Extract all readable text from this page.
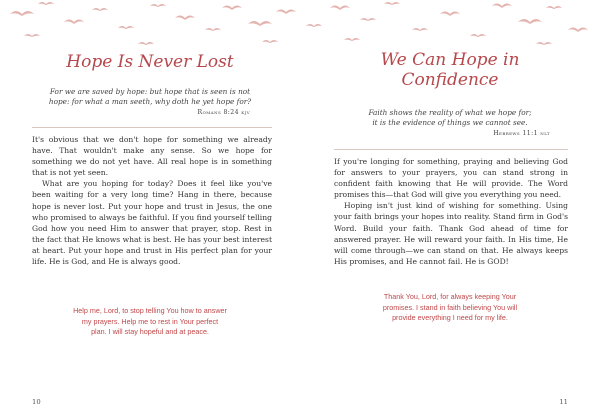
Hope Is Never Lost
For we are saved by hope: but hope that is seen is not
hope: for what a man seeth, why doth he yet hope for?
Romans 8:24 kjv

It's obvious that we don't hope for something we already have. That wouldn't make any sense. So we hope for something we do not yet have. All real hope is in something that is not yet seen.

What are you hoping for today? Does it feel like you've been waiting for a very long time? Hang in there, because hope is never lost. Put your hope and trust in Jesus, the one who promised to always be faithful. If you find yourself telling God how you need Him to answer that prayer, stop. Rest in the fact that He knows what is best. He has your best interest at heart. Put your hope and trust in His perfect plan for your life. He is God, and He is always good.

Help me, Lord, to stop telling You how to answer
my prayers. Help me to rest in Your perfect
plan. I will stay hopeful and at peace.
10
We Can Hope in
Confidence
Faith shows the reality of what we hope for;
it is the evidence of things we cannot see.
Hebrews 11:1 nlt

If you're longing for something, praying and believing God for answers to your prayers, you can stand strong in confident faith knowing that He will provide. The Word promises this—that God will give you everything you need.

Hoping isn't just kind of wishing for something. Using your faith brings your hopes into reality. Stand firm in God's Word. Build your faith. Thank God ahead of time for answered prayer. He will reward your faith. In His time, He will come through—we can stand on that. He always keeps His promises, and He cannot fail. He is GOD!

Thank You, Lord, for always keeping Your
promises. I stand in faith believing You will
provide everything I need for my life.
11
